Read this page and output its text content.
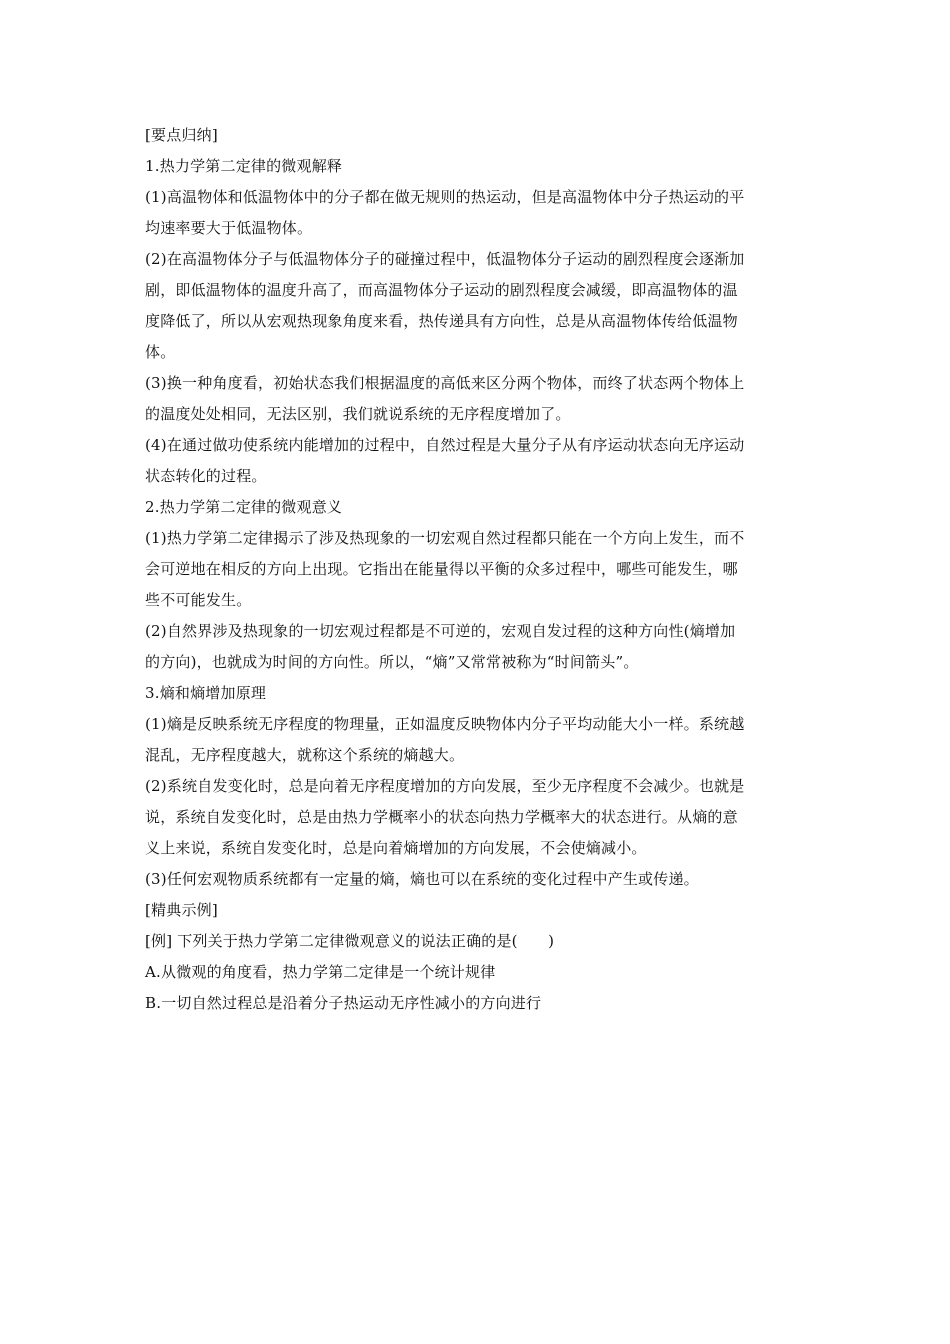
[要点归纳]
1.热力学第二定律的微观解释
(1)高温物体和低温物体中的分子都在做无规则的热运动，但是高温物体中分子热运动的平
均速率要大于低温物体。
(2)在高温物体分子与低温物体分子的碰撞过程中，低温物体分子运动的剧烈程度会逐渐加
剧，即低温物体的温度升高了，而高温物体分子运动的剧烈程度会减缓，即高温物体的温
度降低了，所以从宏观热现象角度来看，热传递具有方向性，总是从高温物体传给低温物
体。
(3)换一种角度看，初始状态我们根据温度的高低来区分两个物体，而终了状态两个物体上
的温度处处相同，无法区别，我们就说系统的无序程度增加了。
(4)在通过做功使系统内能增加的过程中，自然过程是大量分子从有序运动状态向无序运动
状态转化的过程。
2.热力学第二定律的微观意义
(1)热力学第二定律揭示了涉及热现象的一切宏观自然过程都只能在一个方向上发生，而不
会可逆地在相反的方向上出现。它指出在能量得以平衡的众多过程中，哪些可能发生，哪
些不可能发生。
(2)自然界涉及热现象的一切宏观过程都是不可逆的，宏观自发过程的这种方向性(熵增加
的方向)，也就成为时间的方向性。所以，“熵”又常常被称为“时间箭头”。
3.熵和熵增加原理
(1)熵是反映系统无序程度的物理量，正如温度反映物体内分子平均动能大小一样。系统越
混乱，无序程度越大，就称这个系统的熵越大。
(2)系统自发变化时，总是向着无序程度增加的方向发展，至少无序程度不会减少。也就是
说，系统自发变化时，总是由热力学概率小的状态向热力学概率大的状态进行。从熵的意
义上来说，系统自发变化时，总是向着熵增加的方向发展，不会使熵减小。
(3)任何宏观物质系统都有一定量的熵，熵也可以在系统的变化过程中产生或传递。
[精典示例]
[例] 下列关于热力学第二定律微观意义的说法正确的是(　　)
A.从微观的角度看，热力学第二定律是一个统计规律
B.一切自然过程总是沿着分子热运动无序性减小的方向进行
